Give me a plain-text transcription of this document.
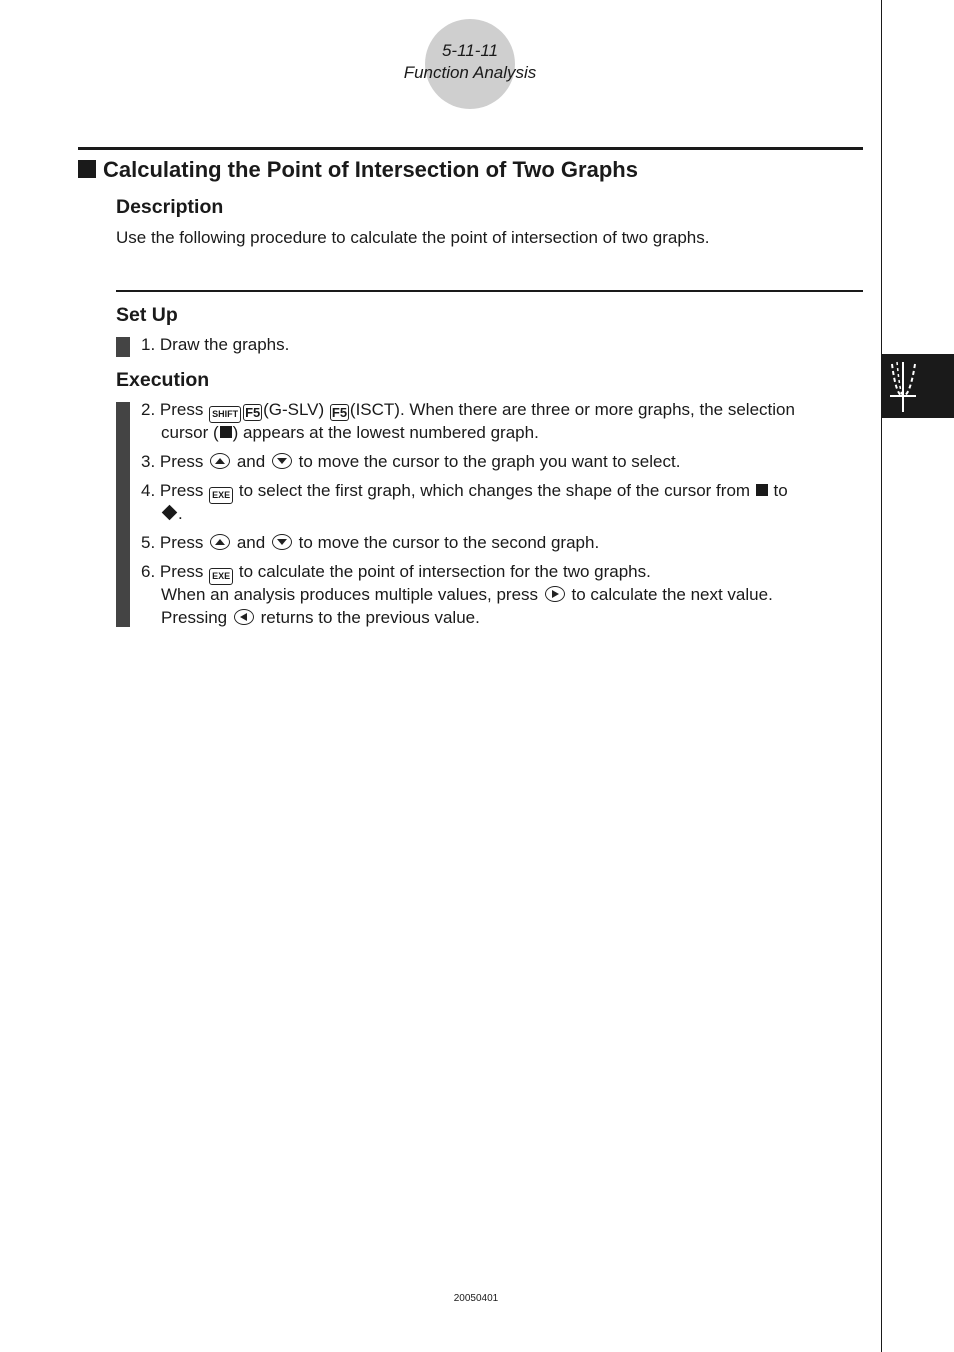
5-11-11
Function Analysis
Calculating the Point of Intersection of Two Graphs
Description
Use the following procedure to calculate the point of intersection of two graphs.
Set Up
1. Draw the graphs.
Execution
2. Press SHIFT F5 (G-SLV) F5 (ISCT). When there are three or more graphs, the selection
cursor ( ) appears at the lowest numbered graph.
3. Press and to move the cursor to the graph you want to select.
4. Press EXE to select the first graph, which changes the shape of the cursor from to
.
5. Press and to move the cursor to the second graph.
6. Press EXE to calculate the point of intersection for the two graphs.
When an analysis produces multiple values, press to calculate the next value.
Pressing returns to the previous value.
20050401
